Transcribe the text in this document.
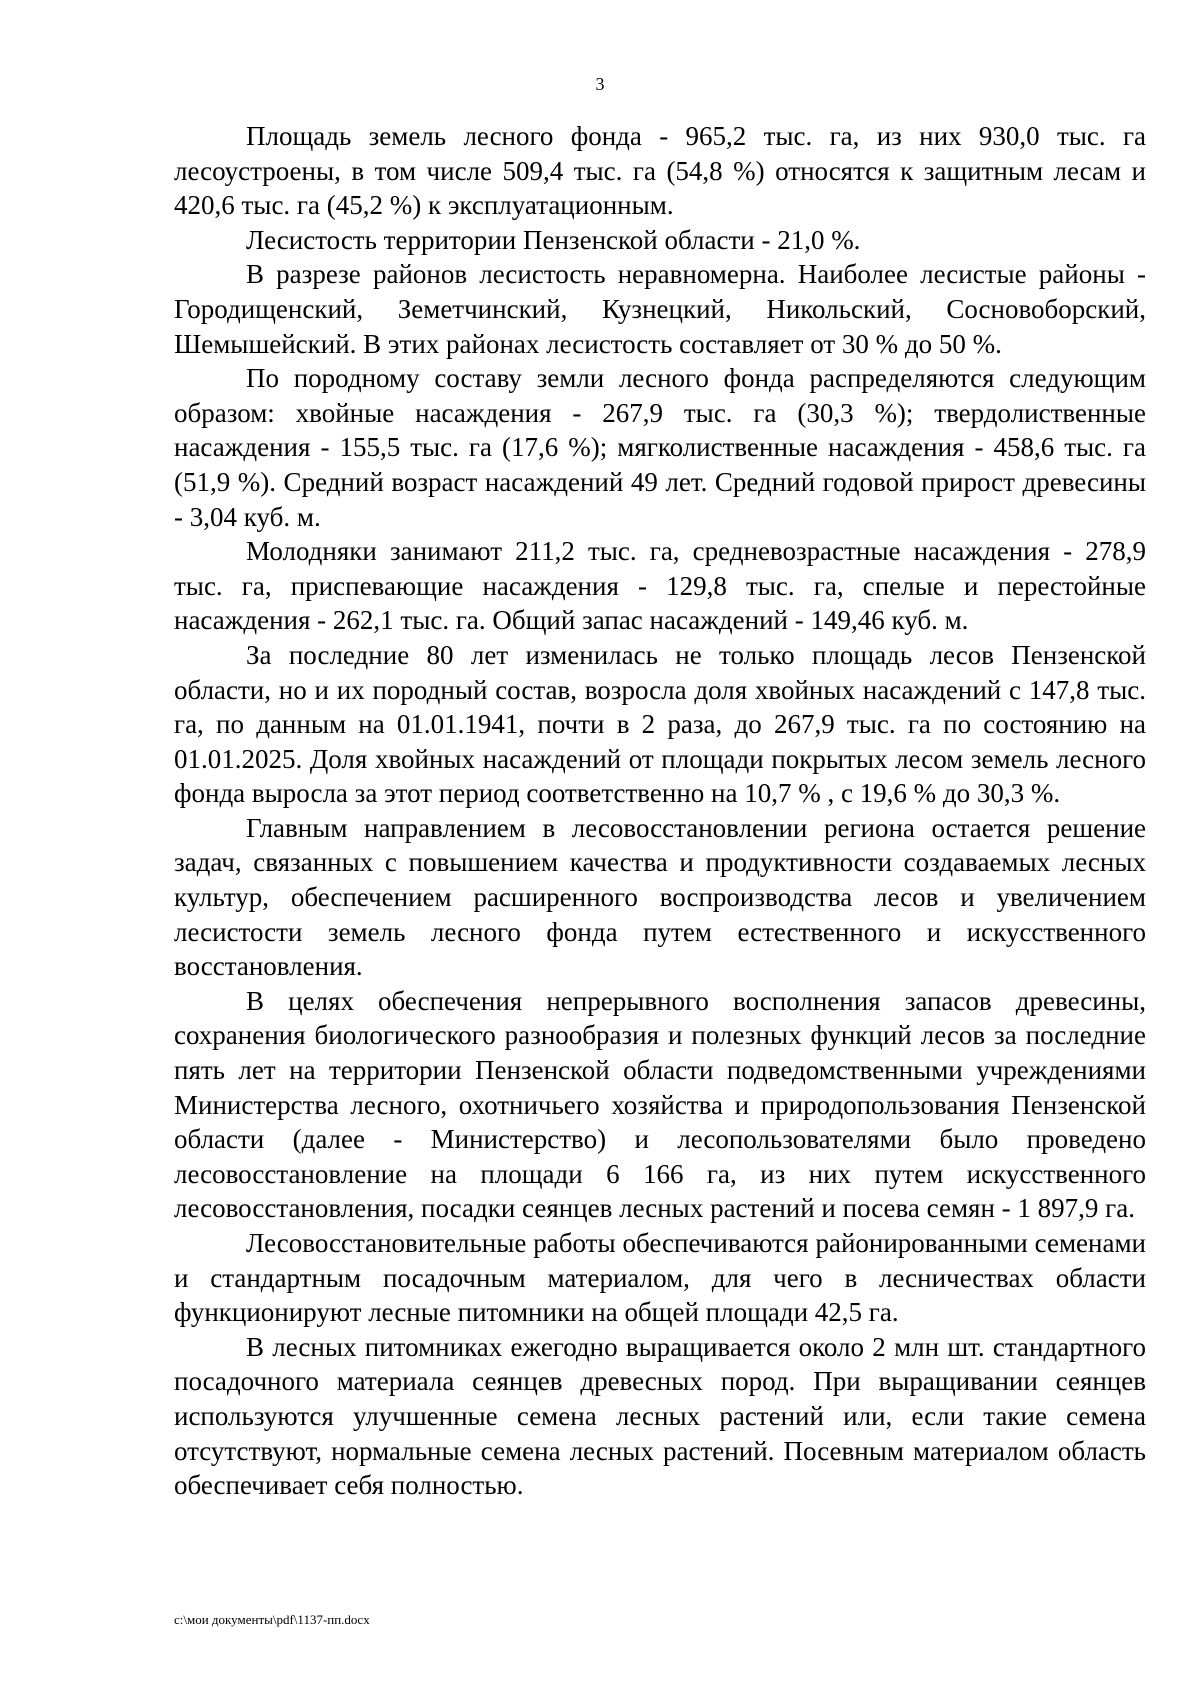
3

Площадь земель лесного фонда - 965,2 тыс. га, из них 930,0 тыс. га лесоустроены, в том числе 509,4 тыс. га (54,8 %) относятся к защитным лесам и 420,6 тыс. га (45,2 %) к эксплуатационным.

Лесистость территории Пензенской области - 21,0 %.

В разрезе районов лесистость неравномерна. Наиболее лесистые районы - Городищенский, Земетчинский, Кузнецкий, Никольский, Сосновоборский, Шемышейский. В этих районах лесистость составляет от 30 % до 50 %.

По породному составу земли лесного фонда распределяются следующим образом: хвойные насаждения - 267,9 тыс. га (30,3 %); твердолиственные насаждения - 155,5 тыс. га (17,6 %); мягколиственные насаждения - 458,6 тыс. га (51,9 %). Средний возраст насаждений 49 лет. Средний годовой прирост древесины - 3,04 куб. м.

Молодняки занимают 211,2 тыс. га, средневозрастные насаждения - 278,9 тыс. га, приспевающие насаждения - 129,8 тыс. га, спелые и перестойные насаждения - 262,1 тыс. га. Общий запас насаждений - 149,46 куб. м.

За последние 80 лет изменилась не только площадь лесов Пензенской области, но и их породный состав, возросла доля хвойных насаждений с 147,8 тыс. га, по данным на 01.01.1941, почти в 2 раза, до 267,9 тыс. га по состоянию на 01.01.2025. Доля хвойных насаждений от площади покрытых лесом земель лесного фонда выросла за этот период соответственно на 10,7 % , с 19,6 % до 30,3 %.

Главным направлением в лесовосстановлении региона остается решение задач, связанных с повышением качества и продуктивности создаваемых лесных культур, обеспечением расширенного воспроизводства лесов и увеличением лесистости земель лесного фонда путем естественного и искусственного восстановления.

В целях обеспечения непрерывного восполнения запасов древесины, сохранения биологического разнообразия и полезных функций лесов за последние пять лет на территории Пензенской области подведомственными учреждениями Министерства лесного, охотничьего хозяйства и природопользования Пензенской области (далее - Министерство) и лесопользователями было проведено лесовосстановление на площади 6 166 га, из них путем искусственного лесовосстановления, посадки сеянцев лесных растений и посева семян - 1 897,9 га.

Лесовосстановительные работы обеспечиваются районированными семенами и стандартным посадочным материалом, для чего в лесничествах области функционируют лесные питомники на общей площади 42,5 га.

В лесных питомниках ежегодно выращивается около 2 млн шт. стандартного посадочного материала сеянцев древесных пород. При выращивании сеянцев используются улучшенные семена лесных растений или, если такие семена отсутствуют, нормальные семена лесных растений. Посевным материалом область обеспечивает себя полностью.

c:\мои документы\pdf\1137-пп.docx
